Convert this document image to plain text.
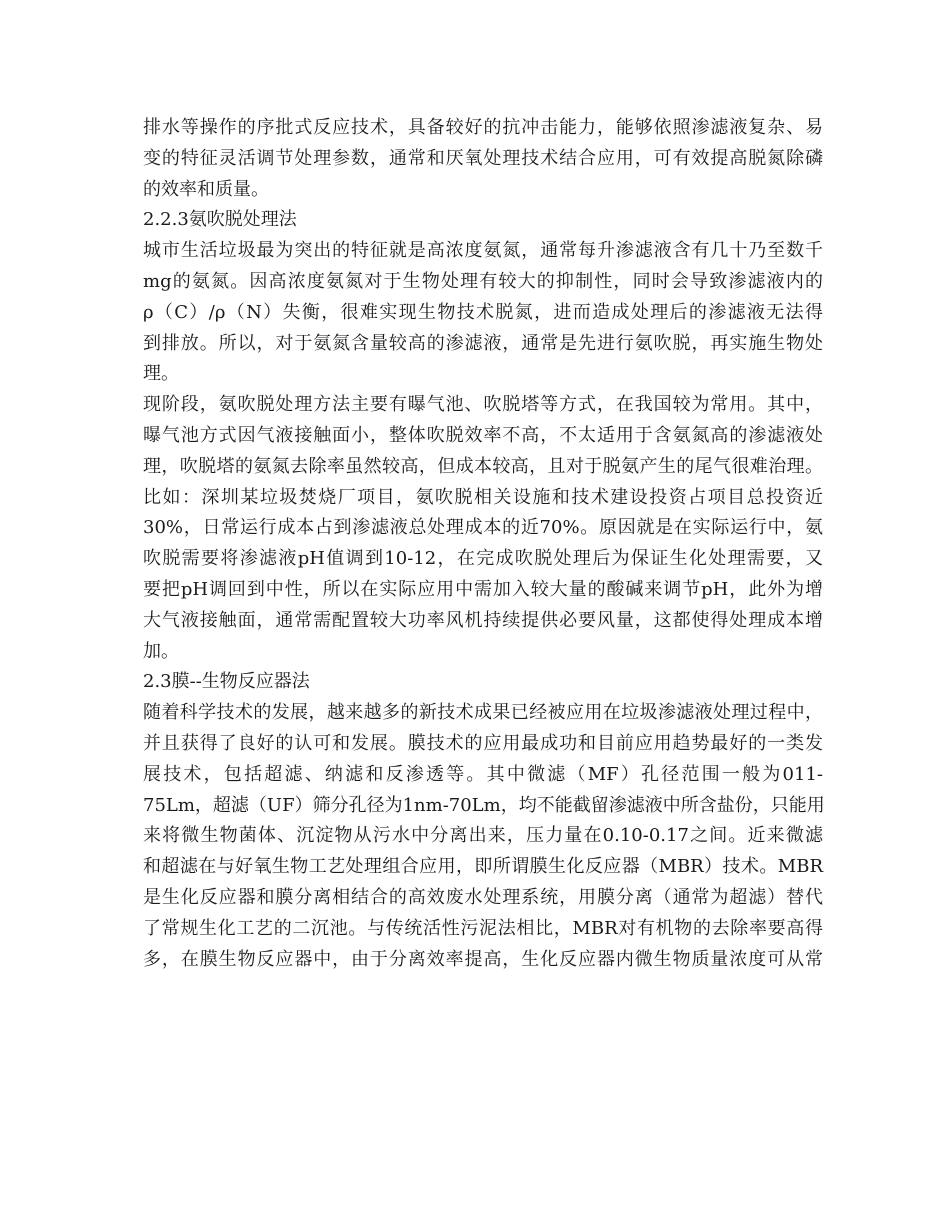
排水等操作的序批式反应技术，具备较好的抗冲击能力，能够依照渗滤液复杂、易
变的特征灵活调节处理参数，通常和厌氧处理技术结合应用，可有效提高脱氮除磷
的效率和质量。
2.2.3氨吹脱处理法
城市生活垃圾最为突出的特征就是高浓度氨氮，通常每升渗滤液含有几十乃至数千
mg的氨氮。因高浓度氨氮对于生物处理有较大的抑制性，同时会导致渗滤液内的
ρ（C）/ρ（N）失衡，很难实现生物技术脱氮，进而造成处理后的渗滤液无法得
到排放。所以，对于氨氮含量较高的渗滤液，通常是先进行氨吹脱，再实施生物处
理。
现阶段，氨吹脱处理方法主要有曝气池、吹脱塔等方式，在我国较为常用。其中，
曝气池方式因气液接触面小，整体吹脱效率不高，不太适用于含氨氮高的渗滤液处
理，吹脱塔的氨氮去除率虽然较高，但成本较高，且对于脱氨产生的尾气很难治理。
比如：深圳某垃圾焚烧厂项目，氨吹脱相关设施和技术建设投资占项目总投资近
30%，日常运行成本占到渗滤液总处理成本的近70%。原因就是在实际运行中，氨
吹脱需要将渗滤液pH值调到10-12，在完成吹脱处理后为保证生化处理需要，又
要把pH调回到中性，所以在实际应用中需加入较大量的酸碱来调节pH，此外为增
大气液接触面，通常需配置较大功率风机持续提供必要风量，这都使得处理成本增
加。
2.3膜--生物反应器法
随着科学技术的发展，越来越多的新技术成果已经被应用在垃圾渗滤液处理过程中，
并且获得了良好的认可和发展。膜技术的应用最成功和目前应用趋势最好的一类发
展技术，包括超滤、纳滤和反渗透等。其中微滤（MF）孔径范围一般为011-
75Lm，超滤（UF）筛分孔径为1nm-70Lm，均不能截留渗滤液中所含盐份，只能用
来将微生物菌体、沉淀物从污水中分离出来，压力量在0.10-0.17之间。近来微滤
和超滤在与好氧生物工艺处理组合应用，即所谓膜生化反应器（MBR）技术。MBR
是生化反应器和膜分离相结合的高效废水处理系统，用膜分离（通常为超滤）替代
了常规生化工艺的二沉池。与传统活性污泥法相比，MBR对有机物的去除率要高得
多，在膜生物反应器中，由于分离效率提高，生化反应器内微生物质量浓度可从常
